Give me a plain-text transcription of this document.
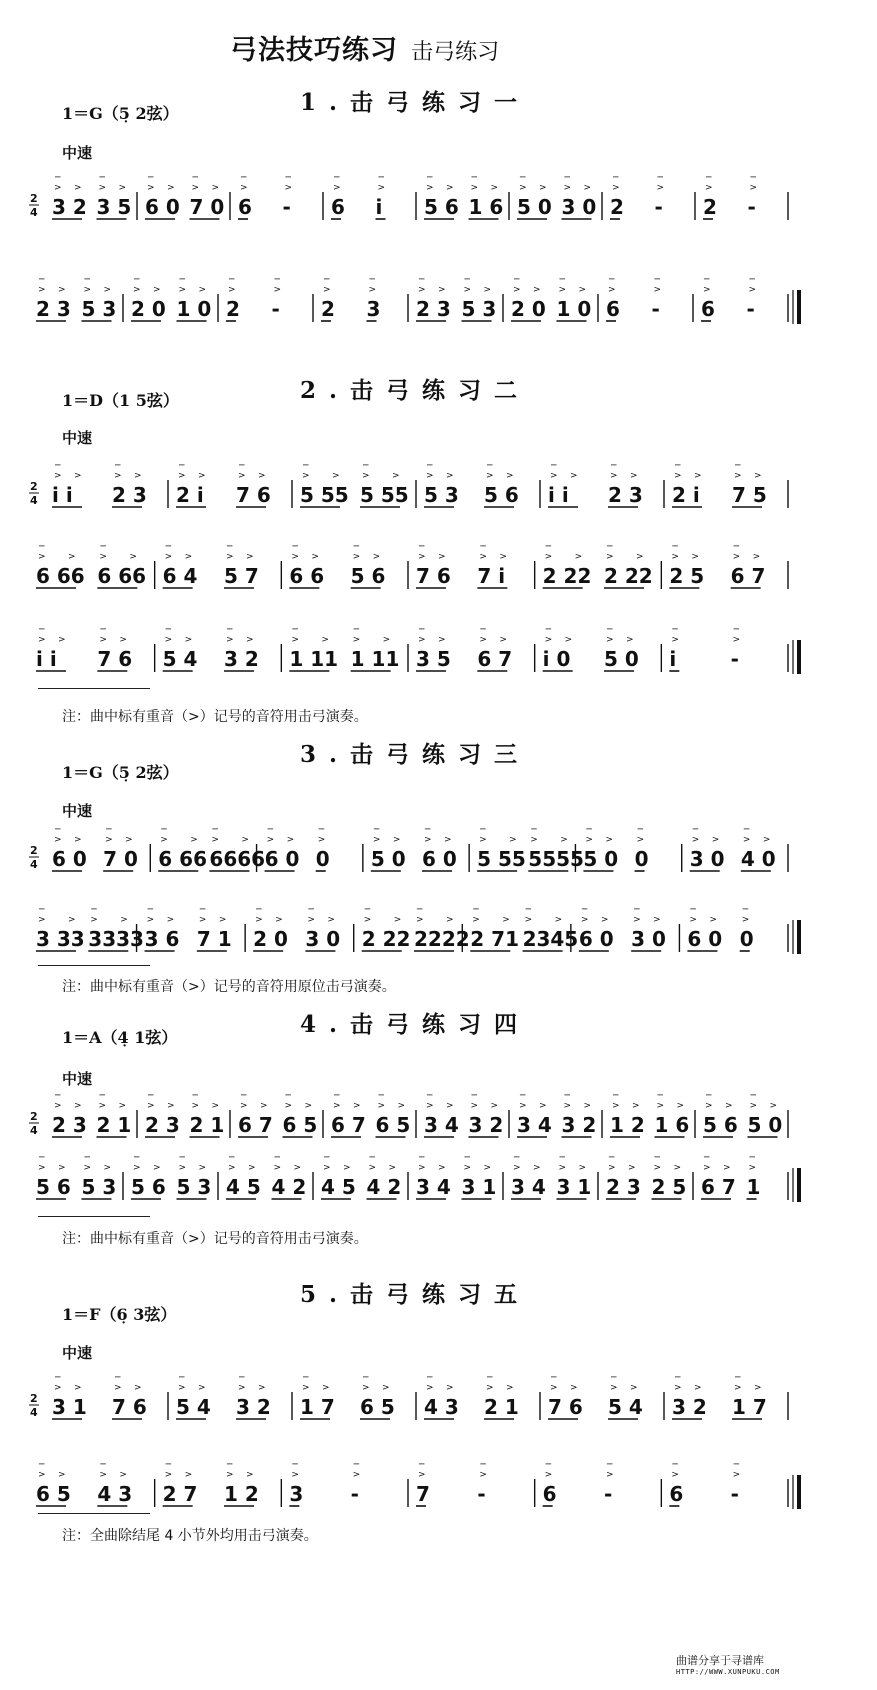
弓法技巧练习 击弓练习
1.击弓练习一
1＝G（5̣ 2弦）
中速
2
4 3 2
> >
─
3 5
> >
─
6 0
> >
─
7 0
> >
─
6
>
─
-
>
─
6
>
─
i
>
─
5 6
> >
─
1 6
> >
─
5 0
> >
─
3 0
> >
─
2
>
─
-
>
─
2
>
─
-
>
─
2 3
> >
─
5 3
> >
─
2 0
> >
─
1 0
> >
─
2
>
─
-
>
─
2
>
─
3
>
─
2 3
> >
─
5 3
> >
─
2 0
> >
─
1 0
> >
─
6
>
─
-
>
─
6
>
─
-
>
─
2.击弓练习二
1＝D（1 5弦）
中速
2
4 i i
> >
─
2 3
> >
─
2 i
> >
─
7 6
> >
─
5 55
> >
─
5 55
> >
─
5 3
> >
─
5 6
> >
─
i i
> >
─
2 3
> >
─
2 i
> >
─
7 5
> >
─
6 66
> >
─
6 66
> >
─
6 4
> >
─
5 7
> >
─
6 6
> >
─
5 6
> >
─
7 6
> >
─
7 i
> >
─
2 22
> >
─
2 22
> >
─
2 5
> >
─
6 7
> >
─
i i
> >
─
7 6
> >
─
5 4
> >
─
3 2
> >
─
1 11
> >
─
1 11
> >
─
3 5
> >
─
6 7
> >
─
i 0
> >
─
5 0
> >
─
i
>
─
-
>
─
注：曲中标有重音（>）记号的音符用击弓演奏。
3.击弓练习三
1＝G（5̣ 2弦）
中速
2
4 6 0
> >
─
7 0
> >
─
6 66
> >
─
6666
> >
─
6 0
> >
─
0
>
─
5 0
> >
─
6 0
> >
─
5 55
> >
─
5555
> >
─
5 0
> >
─
0
>
─
3 0
> >
─
4 0
> >
─
3 33
> >
─
3333
> >
─
3 6
> >
─
7 1
> >
─
2 0
> >
─
3 0
> >
─
2 22
> >
─
2222
> >
─
2 71
> >
─
2345
> >
─
6 0
> >
─
3 0
> >
─
6 0
> >
─
0
>
─
注：曲中标有重音（>）记号的音符用原位击弓演奏。
4.击弓练习四
1＝A（4̣ 1弦）
中速
2
4 2 3
> >
─
2 1
> >
─
2 3
> >
─
2 1
> >
─
6 7
> >
─
6 5
> >
─
6 7
> >
─
6 5
> >
─
3 4
> >
─
3 2
> >
─
3 4
> >
─
3 2
> >
─
1 2
> >
─
1 6
> >
─
5 6
> >
─
5 0
> >
─
5 6
> >
─
5 3
> >
─
5 6
> >
─
5 3
> >
─
4 5
> >
─
4 2
> >
─
4 5
> >
─
4 2
> >
─
3 4
> >
─
3 1
> >
─
3 4
> >
─
3 1
> >
─
2 3
> >
─
2 5
> >
─
6 7
> >
─
1
>
─
注：曲中标有重音（>）记号的音符用击弓演奏。
5.击弓练习五
1＝F（6̣ 3弦）
中速
2
4 3 1
> >
─
7 6
> >
─
5 4
> >
─
3 2
> >
─
1 7
> >
─
6 5
> >
─
4 3
> >
─
2 1
> >
─
7 6
> >
─
5 4
> >
─
3 2
> >
─
1 7
> >
─
6 5
> >
─
4 3
> >
─
2 7
> >
─
1 2
> >
─
3
>
─
-
>
─
7
>
─
-
>
─
6
>
─
-
>
─
6
>
─
-
>
─
注：全曲除结尾 4 小节外均用击弓演奏。
曲谱分享于寻谱库
HTTP://WWW.XUNPUKU.COM
